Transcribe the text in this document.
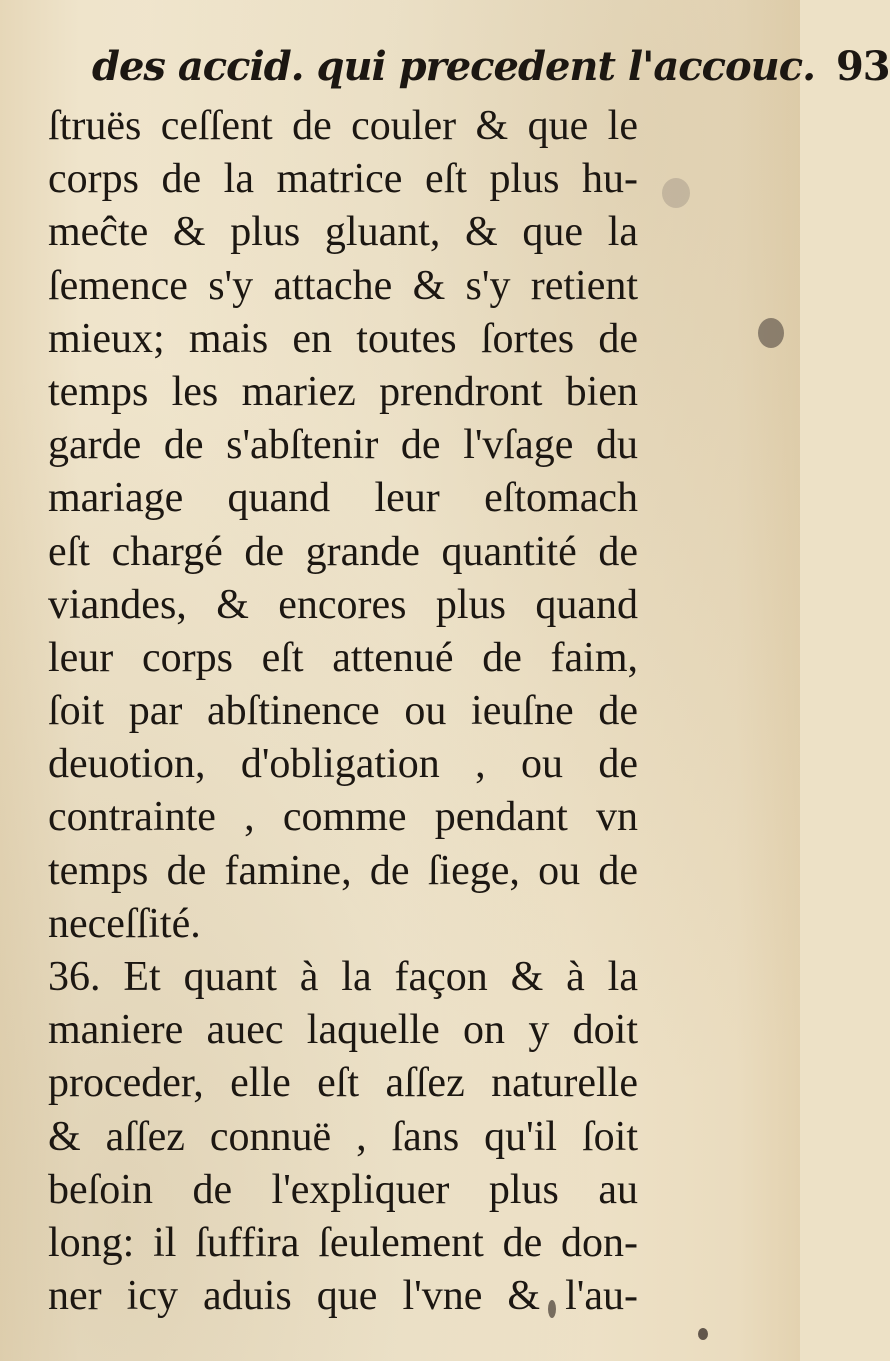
des accid. qui precedent l'accouc. 93
ſtruës ceſſent de couler & que le
corps de la matrice eſt plus hu-
meĉte & plus gluant, & que la
ſemence s'y attache & s'y retient
mieux; mais en toutes ſortes de
temps les mariez prendront bien
garde de s'abſtenir de l'vſage du
mariage quand leur eſtomach
eſt chargé de grande quantité de
viandes, & encores plus quand
leur corps eſt attenué de faim,
ſoit par abſtinence ou ieuſne de
deuotion, d'obligation , ou de
contrainte , comme pendant vn
temps de famine, de ſiege, ou de
neceſſité.
36. Et quant à la façon & à la
maniere auec laquelle on y doit
proceder, elle eſt aſſez naturelle
& aſſez connuë , ſans qu'il ſoit
beſoin de l'expliquer plus au
long: il ſuffira ſeulement de don-
ner icy aduis que l'vne & l'au-
